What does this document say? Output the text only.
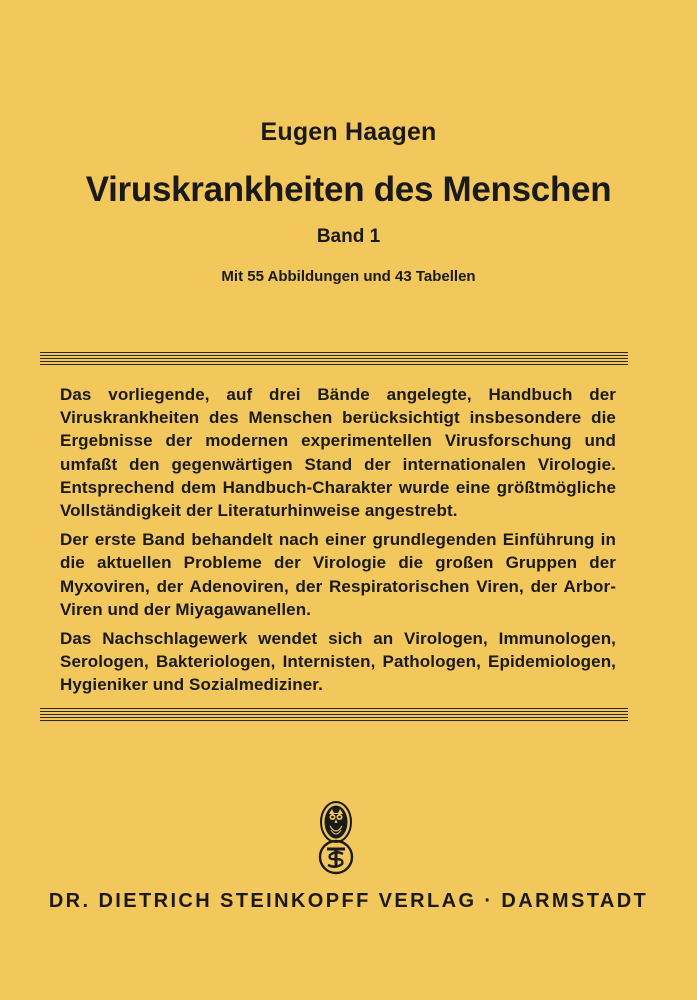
Eugen Haagen
Viruskrankheiten des Menschen
Band 1
Mit 55 Abbildungen und 43 Tabellen

Das vorliegende, auf drei Bände angelegte, Handbuch der Viruskrankheiten des Menschen berücksichtigt insbesondere die Ergebnisse der modernen experimentellen Virusforschung und umfaßt den gegenwärtigen Stand der internationalen Virologie. Entsprechend dem Handbuch-Charakter wurde eine größtmögliche Vollständigkeit der Literaturhinweise angestrebt.

Der erste Band behandelt nach einer grundlegenden Einführung in die aktuellen Probleme der Virologie die großen Gruppen der Myxoviren, der Adenoviren, der Respiratorischen Viren, der Arbor-Viren und der Miyagawanellen.

Das Nachschlagewerk wendet sich an Virologen, Immunologen, Serologen, Bakteriologen, Internisten, Pathologen, Epidemiologen, Hygieniker und Sozialmediziner.

DR. DIETRICH STEINKOPFF VERLAG · DARMSTADT
